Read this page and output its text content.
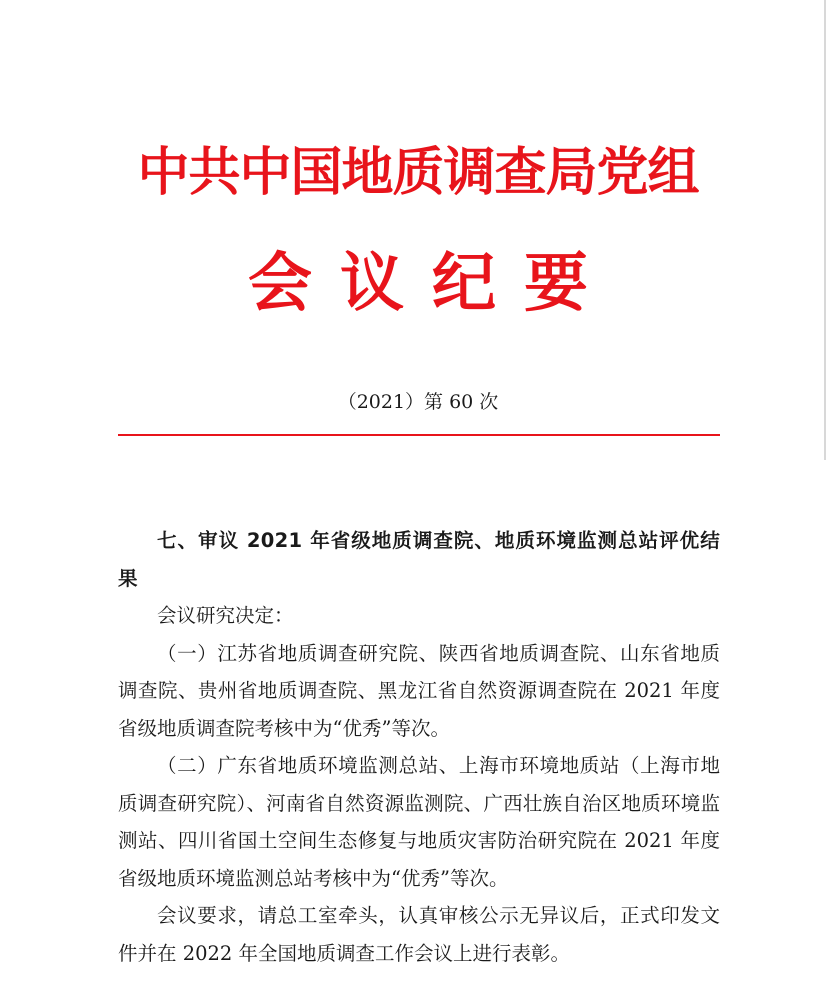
中共中国地质调查局党组
会议纪要
（2021）第 60 次

七、审议 2021 年省级地质调查院、地质环境监测总站评优结果

会议研究决定：

（一）江苏省地质调查研究院、陕西省地质调查院、山东省地质调查院、贵州省地质调查院、黑龙江省自然资源调查院在 2021 年度省级地质调查院考核中为“优秀”等次。

（二）广东省地质环境监测总站、上海市环境地质站（上海市地质调查研究院）、河南省自然资源监测院、广西壮族自治区地质环境监测站、四川省国土空间生态修复与地质灾害防治研究院在 2021 年度省级地质环境监测总站考核中为“优秀”等次。

会议要求，请总工室牵头，认真审核公示无异议后，正式印发文件并在 2022 年全国地质调查工作会议上进行表彰。
